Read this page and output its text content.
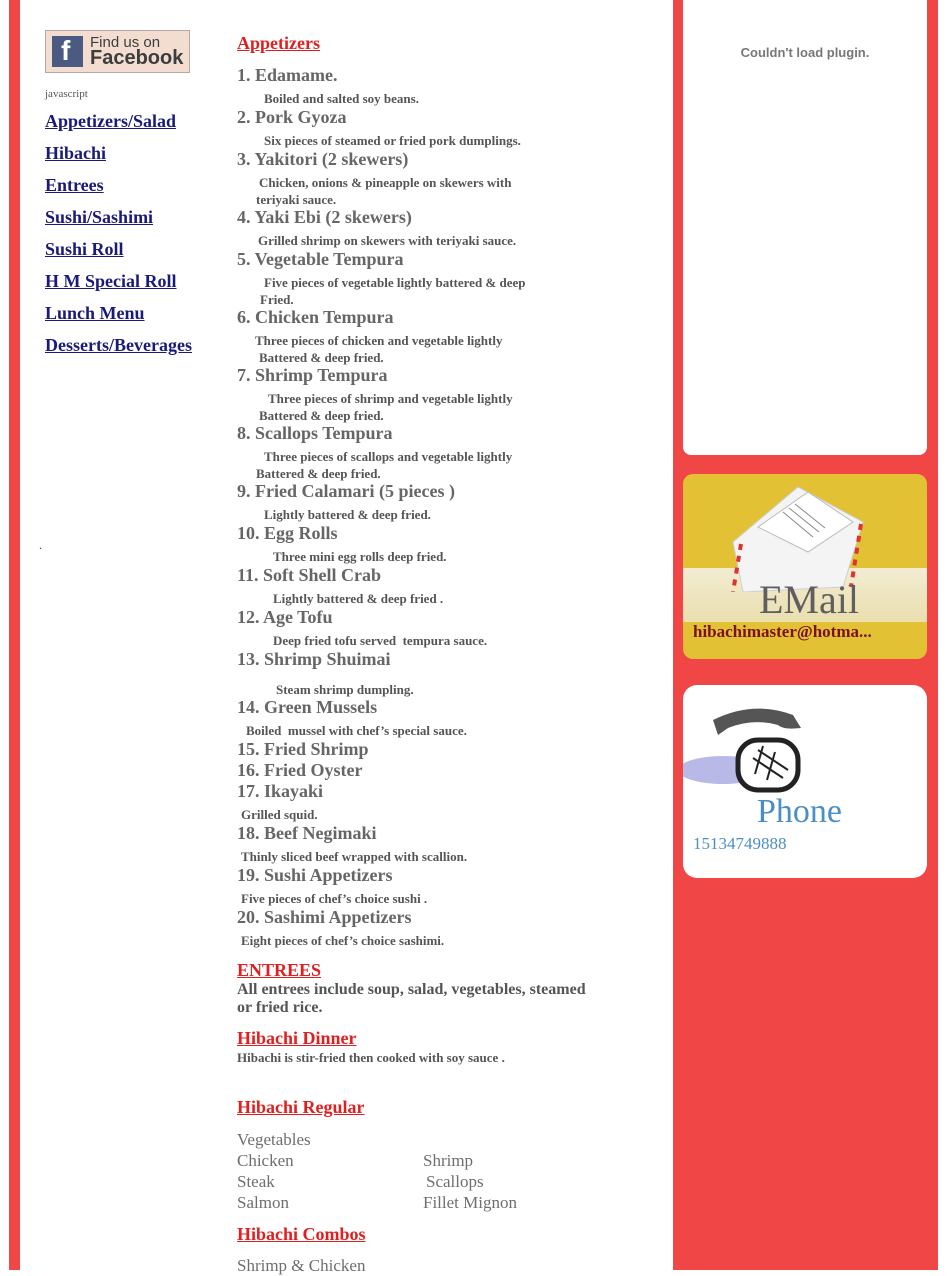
f Find us on
Facebook
javascript
Appetizers/Salad
Hibachi
Entrees
Sushi/Sashimi
Sushi Roll
H M Special Roll
Lunch Menu
Desserts/Beverages
.
Appetizers
1. Edamame.
Boiled and salted soy beans.
2. Pork Gyoza
Six pieces of steamed or fried pork dumplings.
3. Yakitori (2 skewers)
Chicken, onions & pineapple on skewers with
teriyaki sauce.
4. Yaki Ebi (2 skewers)
Grilled shrimp on skewers with teriyaki sauce.
5. Vegetable Tempura
Five pieces of vegetable lightly battered & deep
Fried.
6. Chicken Tempura
Three pieces of chicken and vegetable lightly
Battered & deep fried.
7. Shrimp Tempura
Three pieces of shrimp and vegetable lightly
Battered & deep fried.
8. Scallops Tempura
Three pieces of scallops and vegetable lightly
Battered & deep fried.
9. Fried Calamari (5 pieces )
Lightly battered & deep fried.
10. Egg Rolls
Three mini egg rolls deep fried.
11. Soft Shell Crab
Lightly battered & deep fried .
12. Age Tofu
Deep fried tofu served  tempura sauce.
13. Shrimp Shuimai
Steam shrimp dumpling.
14. Green Mussels
Boiled  mussel with chef’s special sauce.
15. Fried Shrimp
16. Fried Oyster
17. Ikayaki
Grilled squid.
18. Beef Negimaki
Thinly sliced beef wrapped with scallion.
19. Sushi Appetizers
Five pieces of chef’s choice sushi .
20. Sashimi Appetizers
Eight pieces of chef’s choice sashimi.
ENTREES
All entrees include soup, salad, vegetables, steamed or fried rice.
Hibachi Dinner
Hibachi is stir-fried then cooked with soy sauce .
Hibachi Regular
Vegetables
Chicken	Shrimp
Steak	Scallops
Salmon	Fillet Mignon
Hibachi Combos
Shrimp & Chicken
Couldn't load plugin.
EMail
hibachimaster@hotma...
Phone
15134749888
